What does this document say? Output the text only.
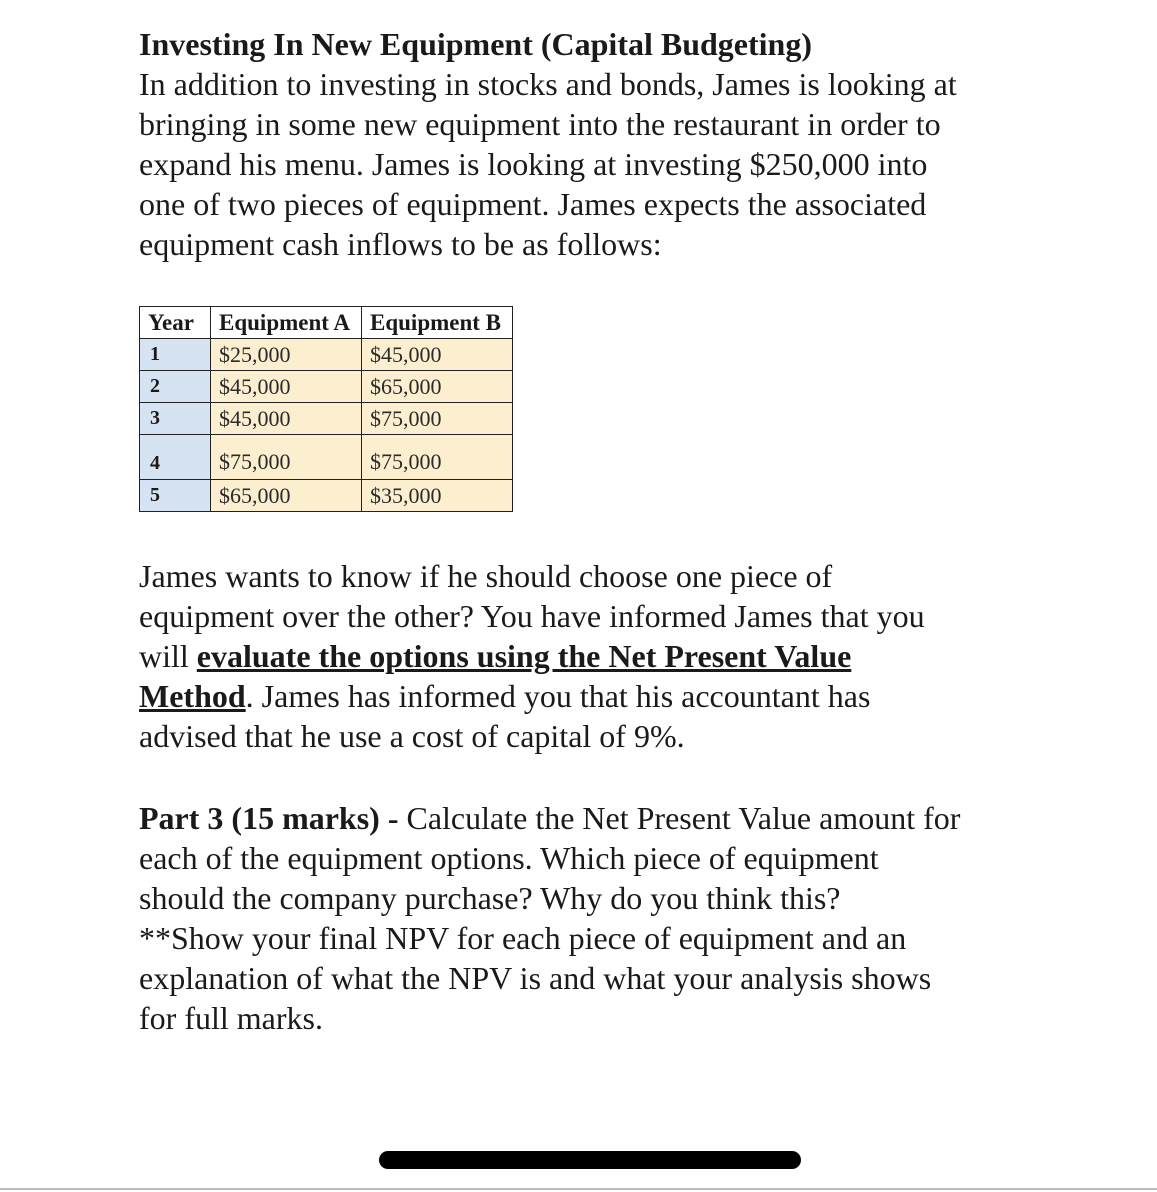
Investing In New Equipment (Capital Budgeting)

In addition to investing in stocks and bonds, James is looking at

bringing in some new equipment into the restaurant in order to

expand his menu. James is looking at investing $250,000 into

one of two pieces of equipment. James expects the associated

equipment cash inflows to be as follows:

Year	Equipment A	Equipment B
1	$25,000	$45,000
2	$45,000	$65,000
3	$45,000	$75,000
4	$75,000	$75,000
5	$65,000	$35,000

James wants to know if he should choose one piece of

equipment over the other? You have informed James that you

will evaluate the options using the Net Present Value

Method. James has informed you that his accountant has

advised that he use a cost of capital of 9%.

Part 3 (15 marks) - Calculate the Net Present Value amount for

each of the equipment options. Which piece of equipment

should the company purchase? Why do you think this?

**Show your final NPV for each piece of equipment and an

explanation of what the NPV is and what your analysis shows

for full marks.
